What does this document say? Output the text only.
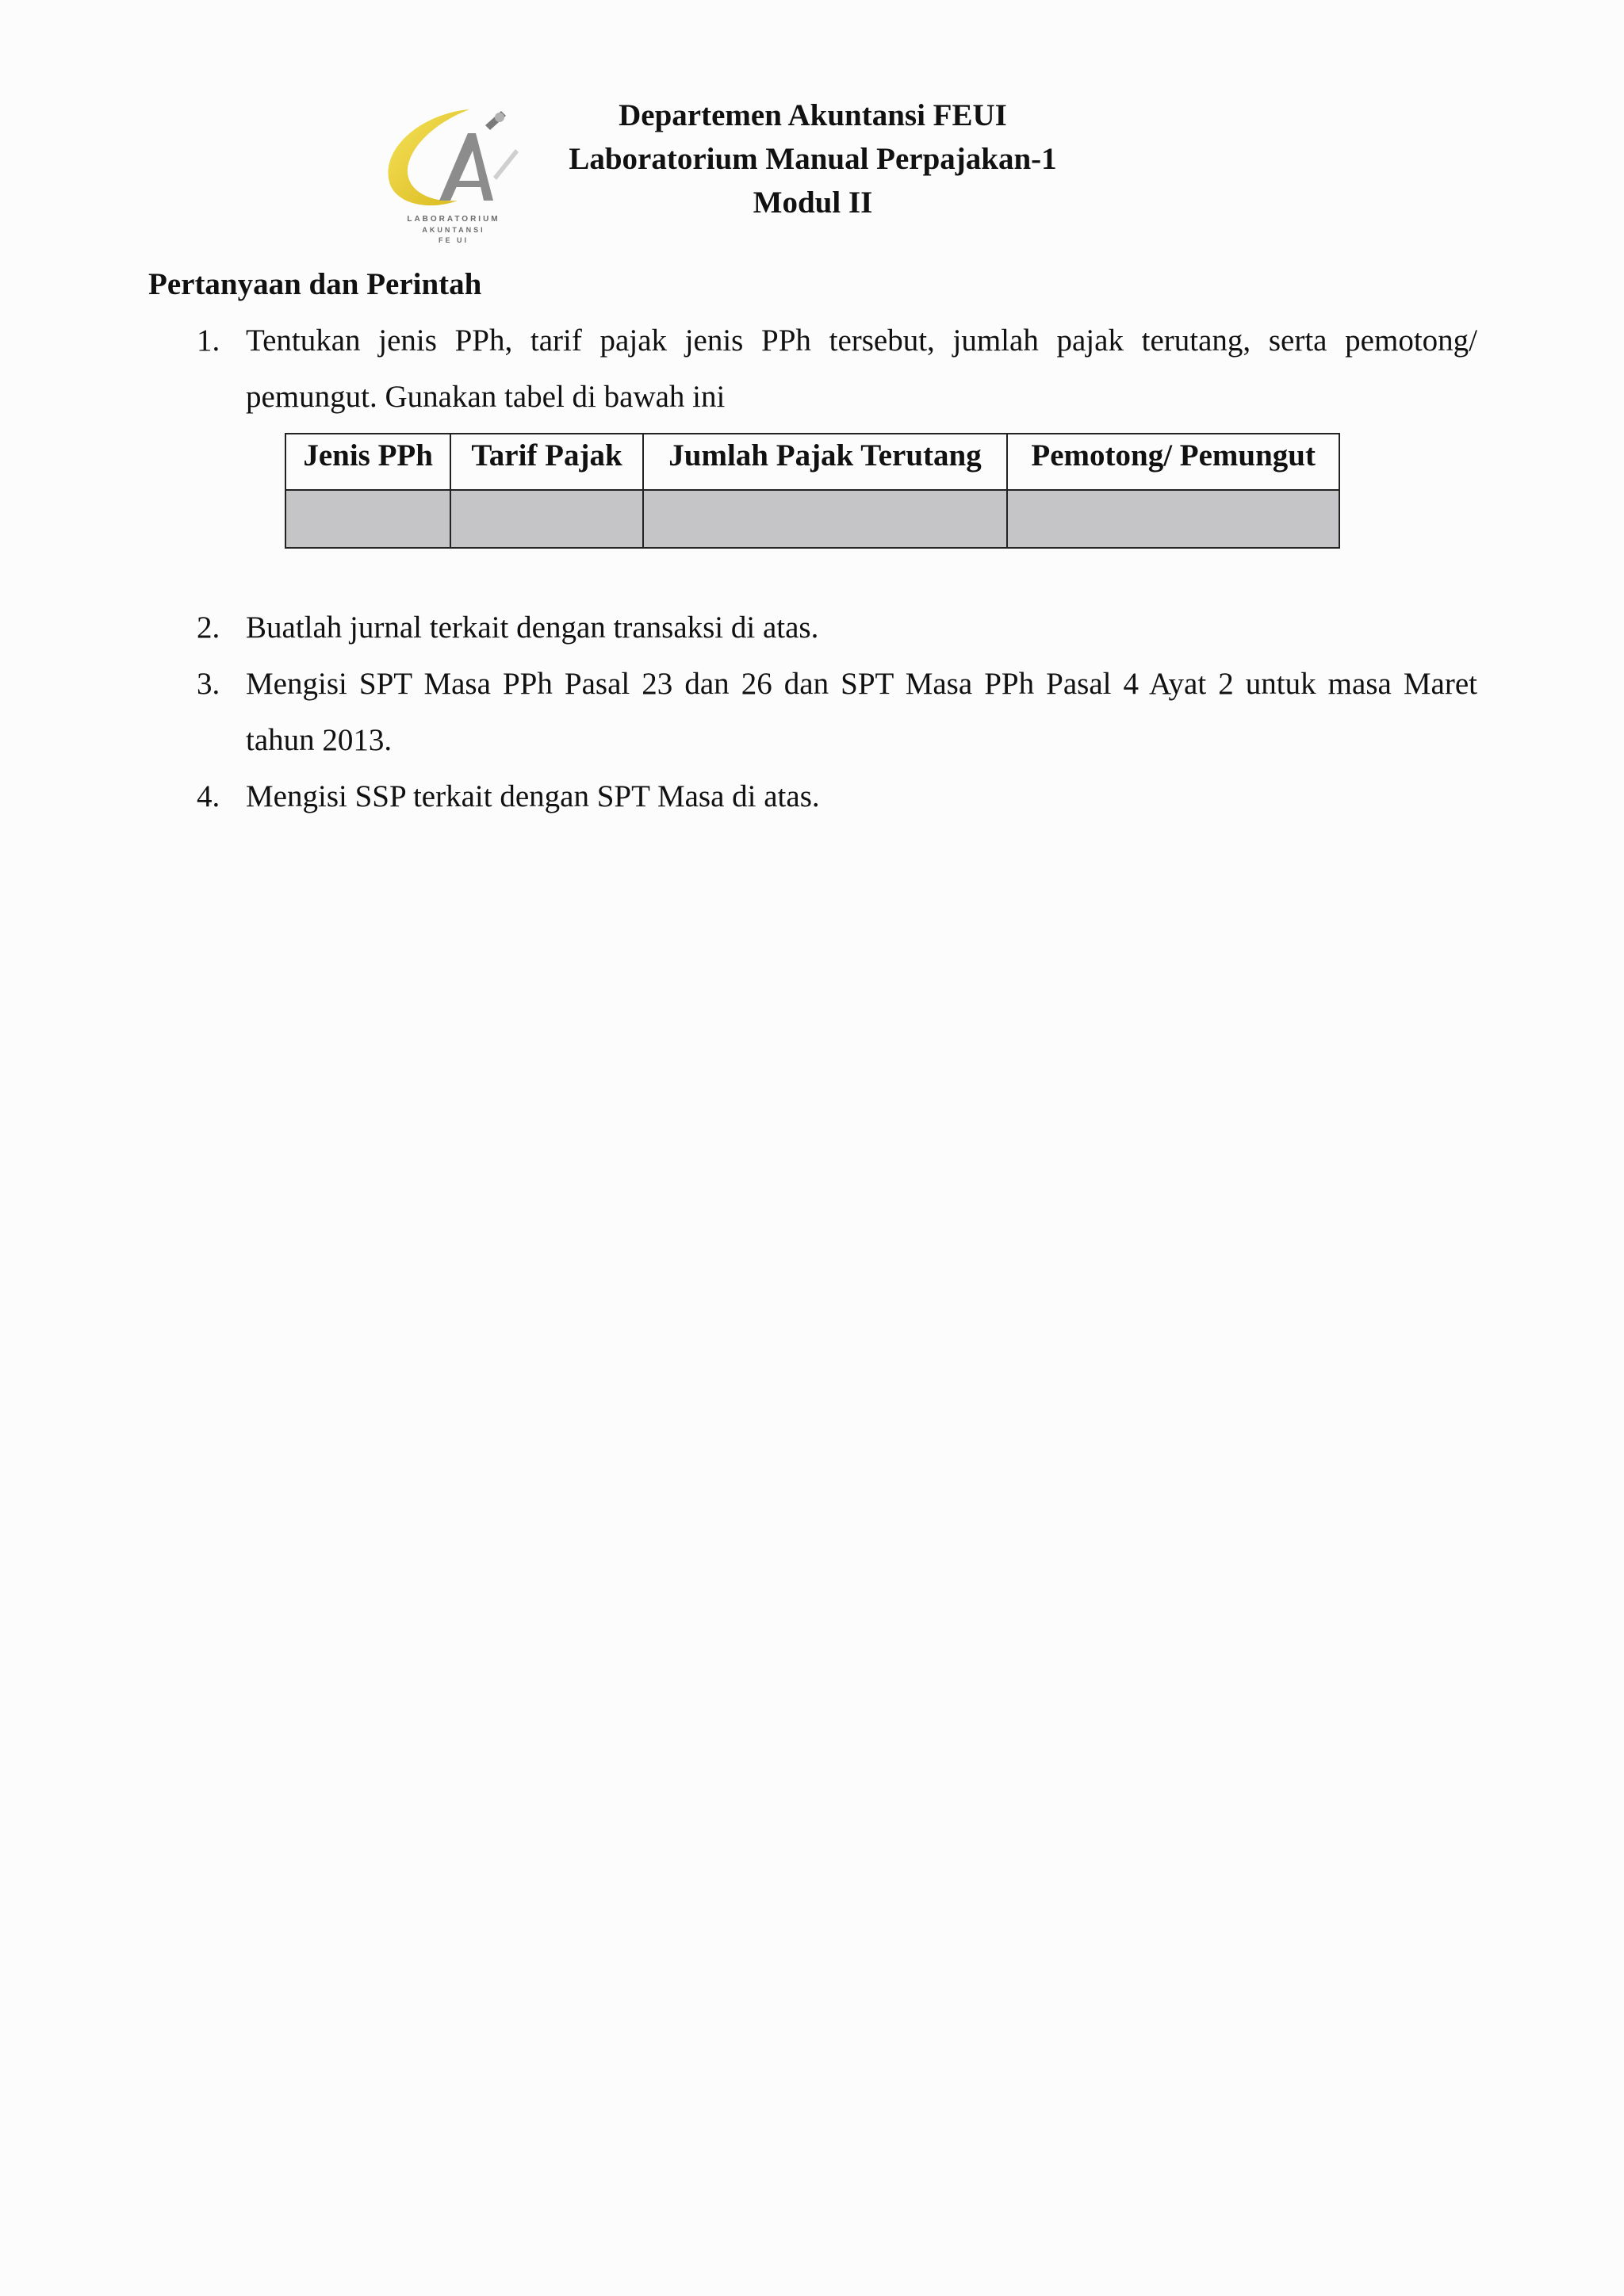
LABORATORIUM
AKUNTANSI
FE UI
Departemen Akuntansi FEUI
Laboratorium Manual Perpajakan-1
Modul II
Pertanyaan dan Perintah
1. Tentukan jenis PPh, tarif pajak jenis PPh tersebut, jumlah pajak terutang, serta pemotong/ pemungut. Gunakan tabel di bawah ini
Jenis PPh	Tarif Pajak	Jumlah Pajak Terutang	Pemotong/ Pemungut

2. Buatlah jurnal terkait dengan transaksi di atas.
3. Mengisi SPT Masa PPh Pasal 23 dan 26 dan SPT Masa PPh Pasal 4 Ayat 2 untuk masa Maret tahun 2013.
4. Mengisi SSP terkait dengan SPT Masa di atas.
